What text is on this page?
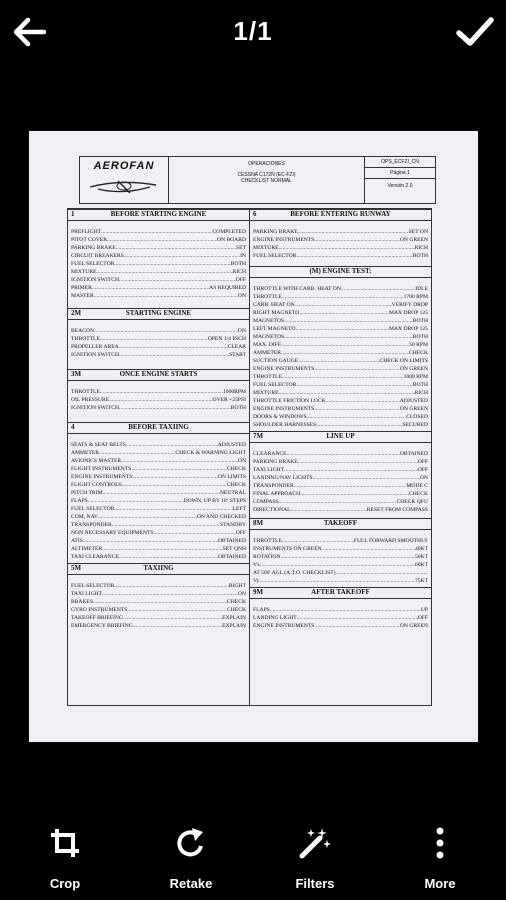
1/1
AEROFAN	OPERACIONES
CESSNA C172N (EC-FZI)
CHECKLIST NORMAL
OPS_ECFZI_CN
Página 1
Versión 2.0
1	BEFORE STARTING ENGINE
PREFLIGHT .....	COMPLETED
PITOT COVER .....	ON BOARD
PARKING BRAKE .....	SET
CIRCUIT BREAKERS .....	IN
FUEL SELECTOR .....	BOTH
MIXTURE .....	RICH
IGNITION SWITCH .....	OFF
PRIMER .....	AS REQUIRED
MASTER .....	ON
2M	STARTING ENGINE
BEACON .....	ON
THROTTLE .....	OPEN 1/4 INCH
PROPELLER AREA .....	CLEAR
IGNITION SWITCH .....	START
3M	ONCE ENGINE STARTS
THROTTLE .....	1000RPM
OIL PRESSURE .....	OVER +25PSI
IGNITION SWITCH .....	BOTH
4	BEFORE TAXIING
SEATS & SEAT BELTS .....	ADJUSTED
AMMETER .....	CHECK & WARNING LIGHT
AVIONICS MASTER .....	ON
FLIGHT INSTRUMENTS .....	CHECK
ENGINE INSTRUMENTS .....	ON LIMITS
FLIGHT CONTROLS .....	CHECK
PITCH TRIM .....	NEUTRAL
FLAPS .....	DOWN, UP BY 10º STEPS
FUEL SELECTOR .....	LEFT
COM, NAV .....	ON AND CHECKED
TRANSPONDER .....	STANDBY
NON NECESSARY EQUIPMENTS .....	OFF
ATIS .....	OBTAINED
ALTIMETER .....	SET QNH
TAXI CLEARANCE .....	OBTAINED
5M	TAXIING
FUEL SELECTOR .....	RIGHT
TAXI LIGHT .....	ON
BRAKES .....	CHECK
GYRO INSTRUMENTS .....	CHECK
TAKEOFF BRIEFING .....	EXPLAIN
EMERGENCY BRIEFING .....	EXPLAIN
6	BEFORE ENTERING RUNWAY
PARKING BRAKE .....	SET ON
ENGINE INSTRUMENTS .....	ON GREEN
MIXTURE .....	RICH
FUEL SELECTOR .....	BOTH
(M) ENGINE TEST:
THROTTLE WITH CARB. HEAT ON .....	IDLE
THROTTLE .....	1700 RPM
CARB. HEAT ON .....	VERIFY DROP
RIGHT MAGNETO .....	MAX DROP 125
MAGNETOS .....	BOTH
LEFT MAGNETO .....	MAX DROP 125
MAGNETOS .....	BOTH
MAX. DIFF .....	50 RPM
AMMETER .....	CHECK
SUCTION GAUGE .....	CHECK ON LIMITS
ENGINE INSTRUMENTS .....	ON GREEN
THROTTLE .....	1000 RPM
FUEL SELECTOR .....	BOTH
MIXTURE .....	RICH
THROTTLE FRICTION LOCK .....	ADJUSTED
ENGINE INSTRUMENTS .....	ON GREEN
DOORS & WINDOWS .....	CLOSED
SHOULDER HARNESSES .....	SECURED
7M	LINE UP
CLEARANCE .....	OBTAINED
PARKING BRAKE .....	OFF
TAXI LIGHT .....	OFF
LANDING/NAV LIGHTS .....	ON
TRANSPONDER .....	MODE C
FINAL APPROACH .....	CHECK
COMPASS .....	CHECK QFU
DIRECTIONAL .....	RESET FROM COMPASS
8M	TAKEOFF
THROTTLE .....	FULL FORWARD SMOOTHLY
INSTRUMENTS ON GREEN .....	40KT
ROTATION .....	50KT
Vx .....	60KT
AT 500' AGL (A.T.O. CHECKLIST)
.....
Vy .....	75KT
9M	AFTER TAKEOFF
FLAPS .....	UP
LANDING LIGHT .....	OFF
ENGINE INSTRUMENTS .....	ON GREEN
Crop	Retake	Filters	More
